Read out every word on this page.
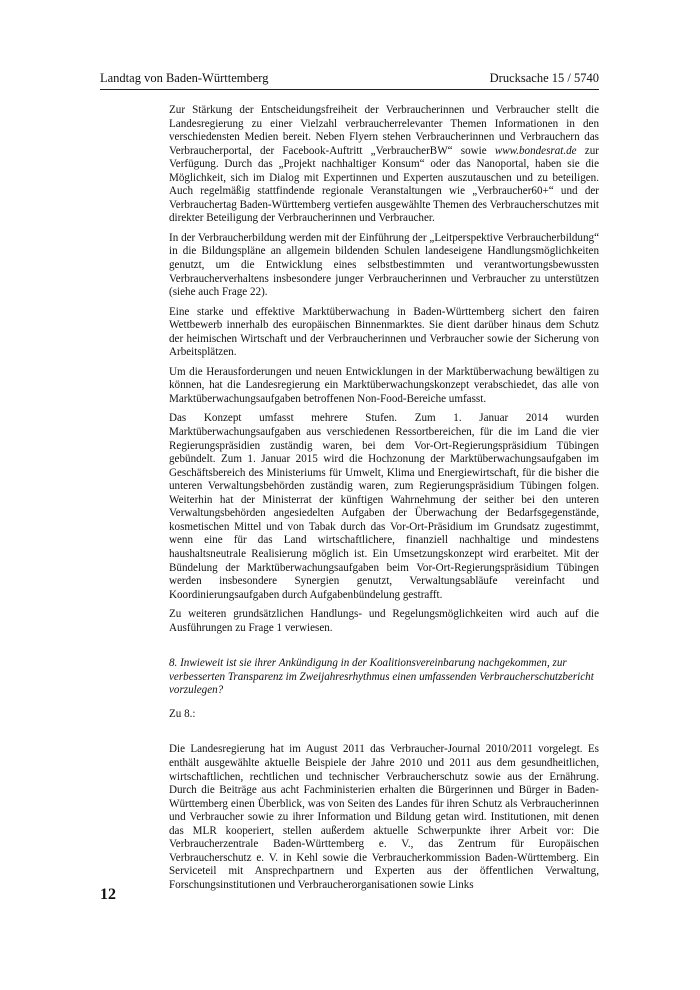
Landtag von Baden-Württemberg	Drucksache 15 / 5740

Zur Stärkung der Entscheidungsfreiheit der Verbraucherinnen und Verbraucher stellt die Landesregierung zu einer Vielzahl verbraucherrelevanter Themen Informationen in den verschiedensten Medien bereit. Neben Flyern stehen Verbraucherinnen und Verbrauchern das Verbraucherportal, der Facebook-Auftritt „VerbraucherBW“ sowie www.bondesrat.de zur Verfügung. Durch das „Projekt nachhaltiger Konsum“ oder das Nanoportal, haben sie die Möglichkeit, sich im Dialog mit Expertinnen und Experten auszutauschen und zu beteiligen. Auch regelmäßig stattfindende regionale Veranstaltungen wie „Verbraucher60+“ und der Verbrauchertag Baden-Württemberg vertiefen ausgewählte Themen des Verbraucherschutzes mit direkter Beteiligung der Verbraucherinnen und Verbraucher.

In der Verbraucherbildung werden mit der Einführung der „Leitperspektive Verbraucherbildung“ in die Bildungspläne an allgemein bildenden Schulen landeseigene Handlungsmöglichkeiten genutzt, um die Entwicklung eines selbstbestimmten und verantwortungsbewussten Verbraucherverhaltens insbesondere junger Verbraucherinnen und Verbraucher zu unterstützen (siehe auch Frage 22).

Eine starke und effektive Marktüberwachung in Baden-Württemberg sichert den fairen Wettbewerb innerhalb des europäischen Binnenmarktes. Sie dient darüber hinaus dem Schutz der heimischen Wirtschaft und der Verbraucherinnen und Verbraucher sowie der Sicherung von Arbeitsplätzen.

Um die Herausforderungen und neuen Entwicklungen in der Marktüberwachung bewältigen zu können, hat die Landesregierung ein Marktüberwachungskonzept verabschiedet, das alle von Marktüberwachungsaufgaben betroffenen Non-Food-Bereiche umfasst.

Das Konzept umfasst mehrere Stufen. Zum 1. Januar 2014 wurden Marktüberwachungsaufgaben aus verschiedenen Ressortbereichen, für die im Land die vier Regierungspräsidien zuständig waren, bei dem Vor-Ort-Regierungspräsidium Tübingen gebündelt. Zum 1. Januar 2015 wird die Hochzonung der Marktüberwachungsaufgaben im Geschäftsbereich des Ministeriums für Umwelt, Klima und Energiewirtschaft, für die bisher die unteren Verwaltungsbehörden zuständig waren, zum Regierungspräsidium Tübingen folgen. Weiterhin hat der Ministerrat der künftigen Wahrnehmung der seither bei den unteren Verwaltungsbehörden angesiedelten Aufgaben der Überwachung der Bedarfsgegenstände, kosmetischen Mittel und von Tabak durch das Vor-Ort-Präsidium im Grundsatz zugestimmt, wenn eine für das Land wirtschaftlichere, finanziell nachhaltige und mindestens haushaltsneutrale Realisierung möglich ist. Ein Umsetzungskonzept wird erarbeitet. Mit der Bündelung der Marktüberwachungsaufgaben beim Vor-Ort-Regierungspräsidium Tübingen werden insbesondere Synergien genutzt, Verwaltungsabläufe vereinfacht und Koordinierungsaufgaben durch Aufgabenbündelung gestrafft.

Zu weiteren grundsätzlichen Handlungs- und Regelungsmöglichkeiten wird auch auf die Ausführungen zu Frage 1 verwiesen.

8. Inwieweit ist sie ihrer Ankündigung in der Koalitionsvereinbarung nachgekommen, zur verbesserten Transparenz im Zweijahresrhythmus einen umfassenden Verbraucherschutzbericht vorzulegen?

Zu 8.:

Die Landesregierung hat im August 2011 das Verbraucher-Journal 2010/2011 vorgelegt. Es enthält ausgewählte aktuelle Beispiele der Jahre 2010 und 2011 aus dem gesundheitlichen, wirtschaftlichen, rechtlichen und technischer Verbraucherschutz sowie aus der Ernährung. Durch die Beiträge aus acht Fachministerien erhalten die Bürgerinnen und Bürger in Baden-Württemberg einen Überblick, was von Seiten des Landes für ihren Schutz als Verbraucherinnen und Verbraucher sowie zu ihrer Information und Bildung getan wird. Institutionen, mit denen das MLR kooperiert, stellen außerdem aktuelle Schwerpunkte ihrer Arbeit vor: Die Verbraucherzentrale Baden-Württemberg e. V., das Zentrum für Europäischen Verbraucherschutz e. V. in Kehl sowie die Verbraucherkommission Baden-Württemberg. Ein Serviceteil mit Ansprechpartnern und Experten aus der öffentlichen Verwaltung, Forschungsinstitutionen und Verbraucherorganisationen sowie Links

12
